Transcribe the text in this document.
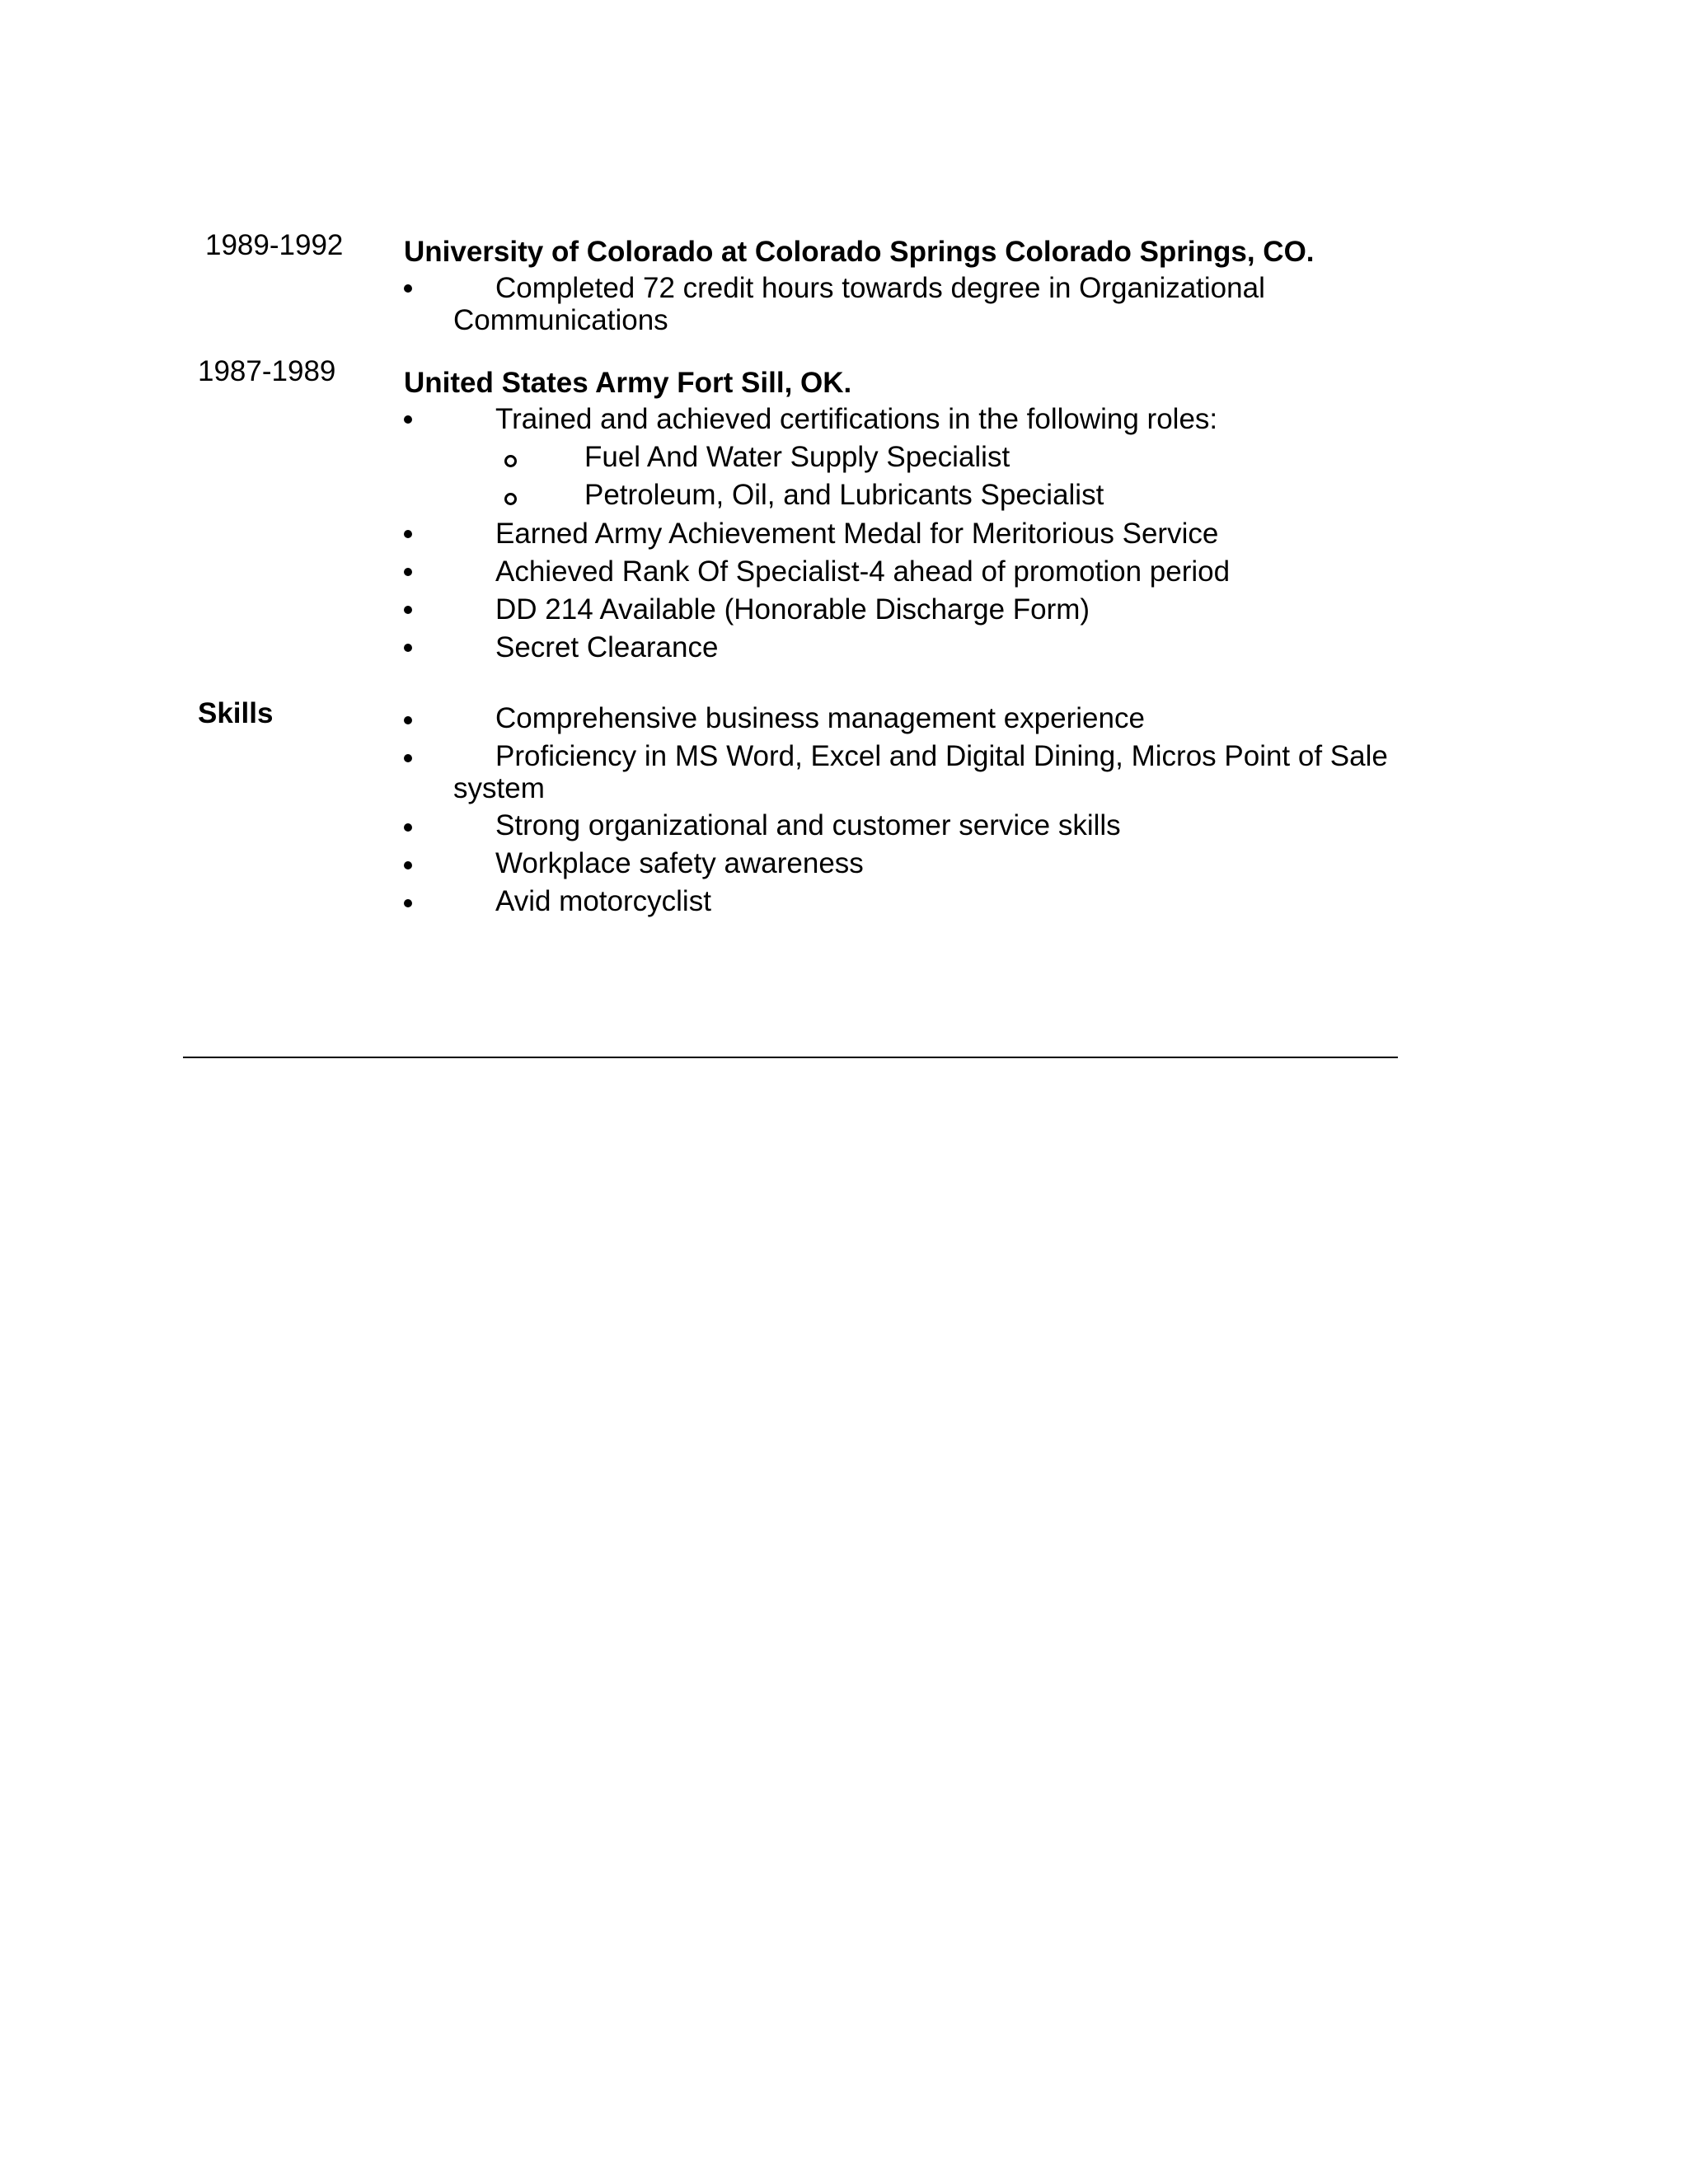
1989-1992 University of Colorado at Colorado Springs Colorado Springs, CO.
Completed 72 credit hours towards degree in Organizational
Communications
1987-1989 United States Army Fort Sill, OK.
Trained and achieved certifications in the following roles:
Fuel And Water Supply Specialist
Petroleum, Oil, and Lubricants Specialist
Earned Army Achievement Medal for Meritorious Service
Achieved Rank Of Specialist-4 ahead of promotion period
DD 214 Available (Honorable Discharge Form)
Secret Clearance
Skills	Comprehensive business management experience
Proficiency in MS Word, Excel and Digital Dining, Micros Point of Sale
system
Strong organizational and customer service skills
Workplace safety awareness
Avid motorcyclist
